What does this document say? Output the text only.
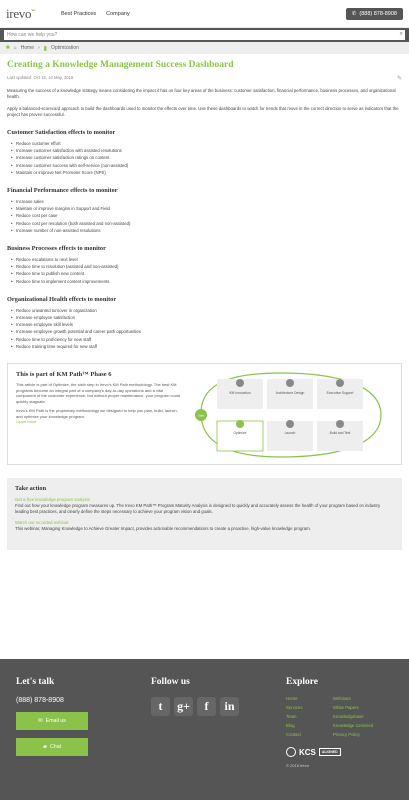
irevoˇ	Best Practices Company	✆ (888) 878-8908
How can we help you?	⌕
■ ⌂ Home › ▮ Optimization
Creating a Knowledge Management Success Dashboard
Last updated: Oct 15, 10 May, 2016	✎

Measuring the success of a knowledge strategy means considering the impact it has on four key areas of the business: customer satisfaction, financial performance, business processes, and organizational health.

Apply a balanced-scorecard approach to build the dashboards used to monitor the effects over time. Use these dashboards to watch for trends that move in the correct direction to serve as indicators that the project has proven successful.

Customer Satisfaction effects to monitor
• Reduce customer effort
• Increase customer satisfaction with assisted resolutions
• Increase customer satisfaction ratings on content
• Increase customer success with self-service (non-assisted)
• Maintain or improve Net Promoter Score (NPS)
Financial Performance effects to monitor
• Increase sales
• Maintain or improve margins in Support and Field
• Reduce cost per case
• Reduce cost per resolution (both assisted and non-assisted)
• Increase number of non-assisted resolutions
Business Processes effects to monitor
• Reduce escalations to next level
• Reduce time to resolution (assisted and non-assisted)
• Reduce time to publish new content
• Reduce time to implement content improvements
Organizational Health effects to monitor
• Reduce unwanted turnover in organization
• Increase employee satisfaction
• Increase employee skill levels
• Increase employee growth potential and career path opportunities
• Reduce time to proficiency for new staff
• Reduce training time required for new staff
This is part of KM Path™ Phase 6

This article is part of Optimize, the sixth step in Irevo's KM Path methodology. The best KM programs become an integral part of a company's day-to-day operations and a vital component of the customer experience, but without proper maintenance, your program could quickly stagnate.

Irevo's KM Path is the proprietary methodology we designed to help you plan, build, launch, and optimize your knowledge program.

Learn more
KM Innovation	Architecture Design	Executive Support
Optimize	Launch	Build and Test
Start
Take action
Get a free knowledge program analysis
Find out how your knowledge program measures up. The Irevo KM Path™ Program Maturity Analysis is designed to quickly and accurately assess the health of your program based on industry leading best practices, and clearly define the steps necessary to achieve your program vision and goals.
Watch our recorded webinar
This webinar, Managing Knowledge to Achieve Greater Impact, provides actionable recommendations to create a proactive, high-value knowledge program.
Let's talk
(888) 878-8908
✉ Email us
▰ Chat
Follow us
t	g+	f	in
Explore
Home	Webinars
Services	White Papers
Team	Knowledgebase
Blog	Knowledge Centered
Contact	Privacy Policy
KCS	ALIGNED
© 2016 Irevo
